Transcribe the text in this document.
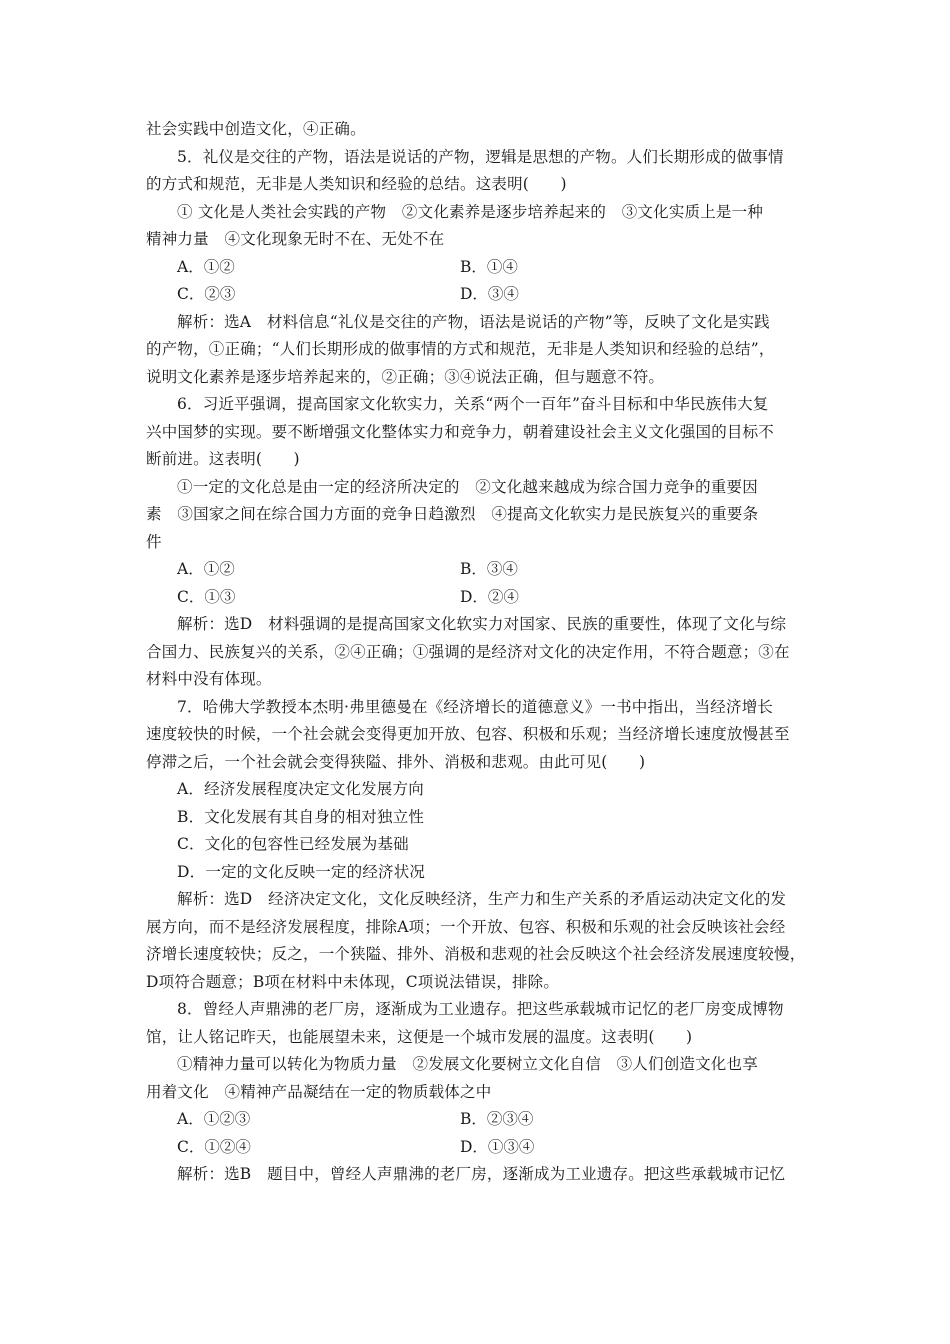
社会实践中创造文化，④正确。
5．礼仪是交往的产物，语法是说话的产物，逻辑是思想的产物。人们长期形成的做事情
的方式和规范，无非是人类知识和经验的总结。这表明(　　)
① 文化是人类社会实践的产物　②文化素养是逐步培养起来的　③文化实质上是一种
精神力量　④文化现象无时不在、无处不在
A．①②	B．①④
C．②③	D．③④
解析：选A　材料信息“礼仪是交往的产物，语法是说话的产物”等，反映了文化是实践
的产物，①正确；“人们长期形成的做事情的方式和规范，无非是人类知识和经验的总结”，
说明文化素养是逐步培养起来的，②正确；③④说法正确，但与题意不符。
6．习近平强调，提高国家文化软实力，关系“两个一百年”奋斗目标和中华民族伟大复
兴中国梦的实现。要不断增强文化整体实力和竞争力，朝着建设社会主义文化强国的目标不
断前进。这表明(　　)
①一定的文化总是由一定的经济所决定的　②文化越来越成为综合国力竞争的重要因
素　③国家之间在综合国力方面的竞争日趋激烈　④提高文化软实力是民族复兴的重要条
件
A．①②	B．③④
C．①③	D．②④
解析：选D　材料强调的是提高国家文化软实力对国家、民族的重要性，体现了文化与综
合国力、民族复兴的关系，②④正确；①强调的是经济对文化的决定作用，不符合题意；③在
材料中没有体现。
7．哈佛大学教授本杰明·弗里德曼在《经济增长的道德意义》一书中指出，当经济增长
速度较快的时候，一个社会就会变得更加开放、包容、积极和乐观；当经济增长速度放慢甚至
停滞之后，一个社会就会变得狭隘、排外、消极和悲观。由此可见(　　)
A．经济发展程度决定文化发展方向
B．文化发展有其自身的相对独立性
C．文化的包容性已经发展为基础
D．一定的文化反映一定的经济状况
解析：选D　经济决定文化，文化反映经济，生产力和生产关系的矛盾运动决定文化的发
展方向，而不是经济发展程度，排除A项；一个开放、包容、积极和乐观的社会反映该社会经
济增长速度较快；反之，一个狭隘、排外、消极和悲观的社会反映这个社会经济发展速度较慢，
D项符合题意；B项在材料中未体现，C项说法错误，排除。
8．曾经人声鼎沸的老厂房，逐渐成为工业遗存。把这些承载城市记忆的老厂房变成博物
馆，让人铭记昨天，也能展望未来，这便是一个城市发展的温度。这表明(　　)
①精神力量可以转化为物质力量　②发展文化要树立文化自信　③人们创造文化也享
用着文化　④精神产品凝结在一定的物质载体之中
A．①②③	B．②③④
C．①②④	D．①③④
解析：选B　题目中，曾经人声鼎沸的老厂房，逐渐成为工业遗存。把这些承载城市记忆
